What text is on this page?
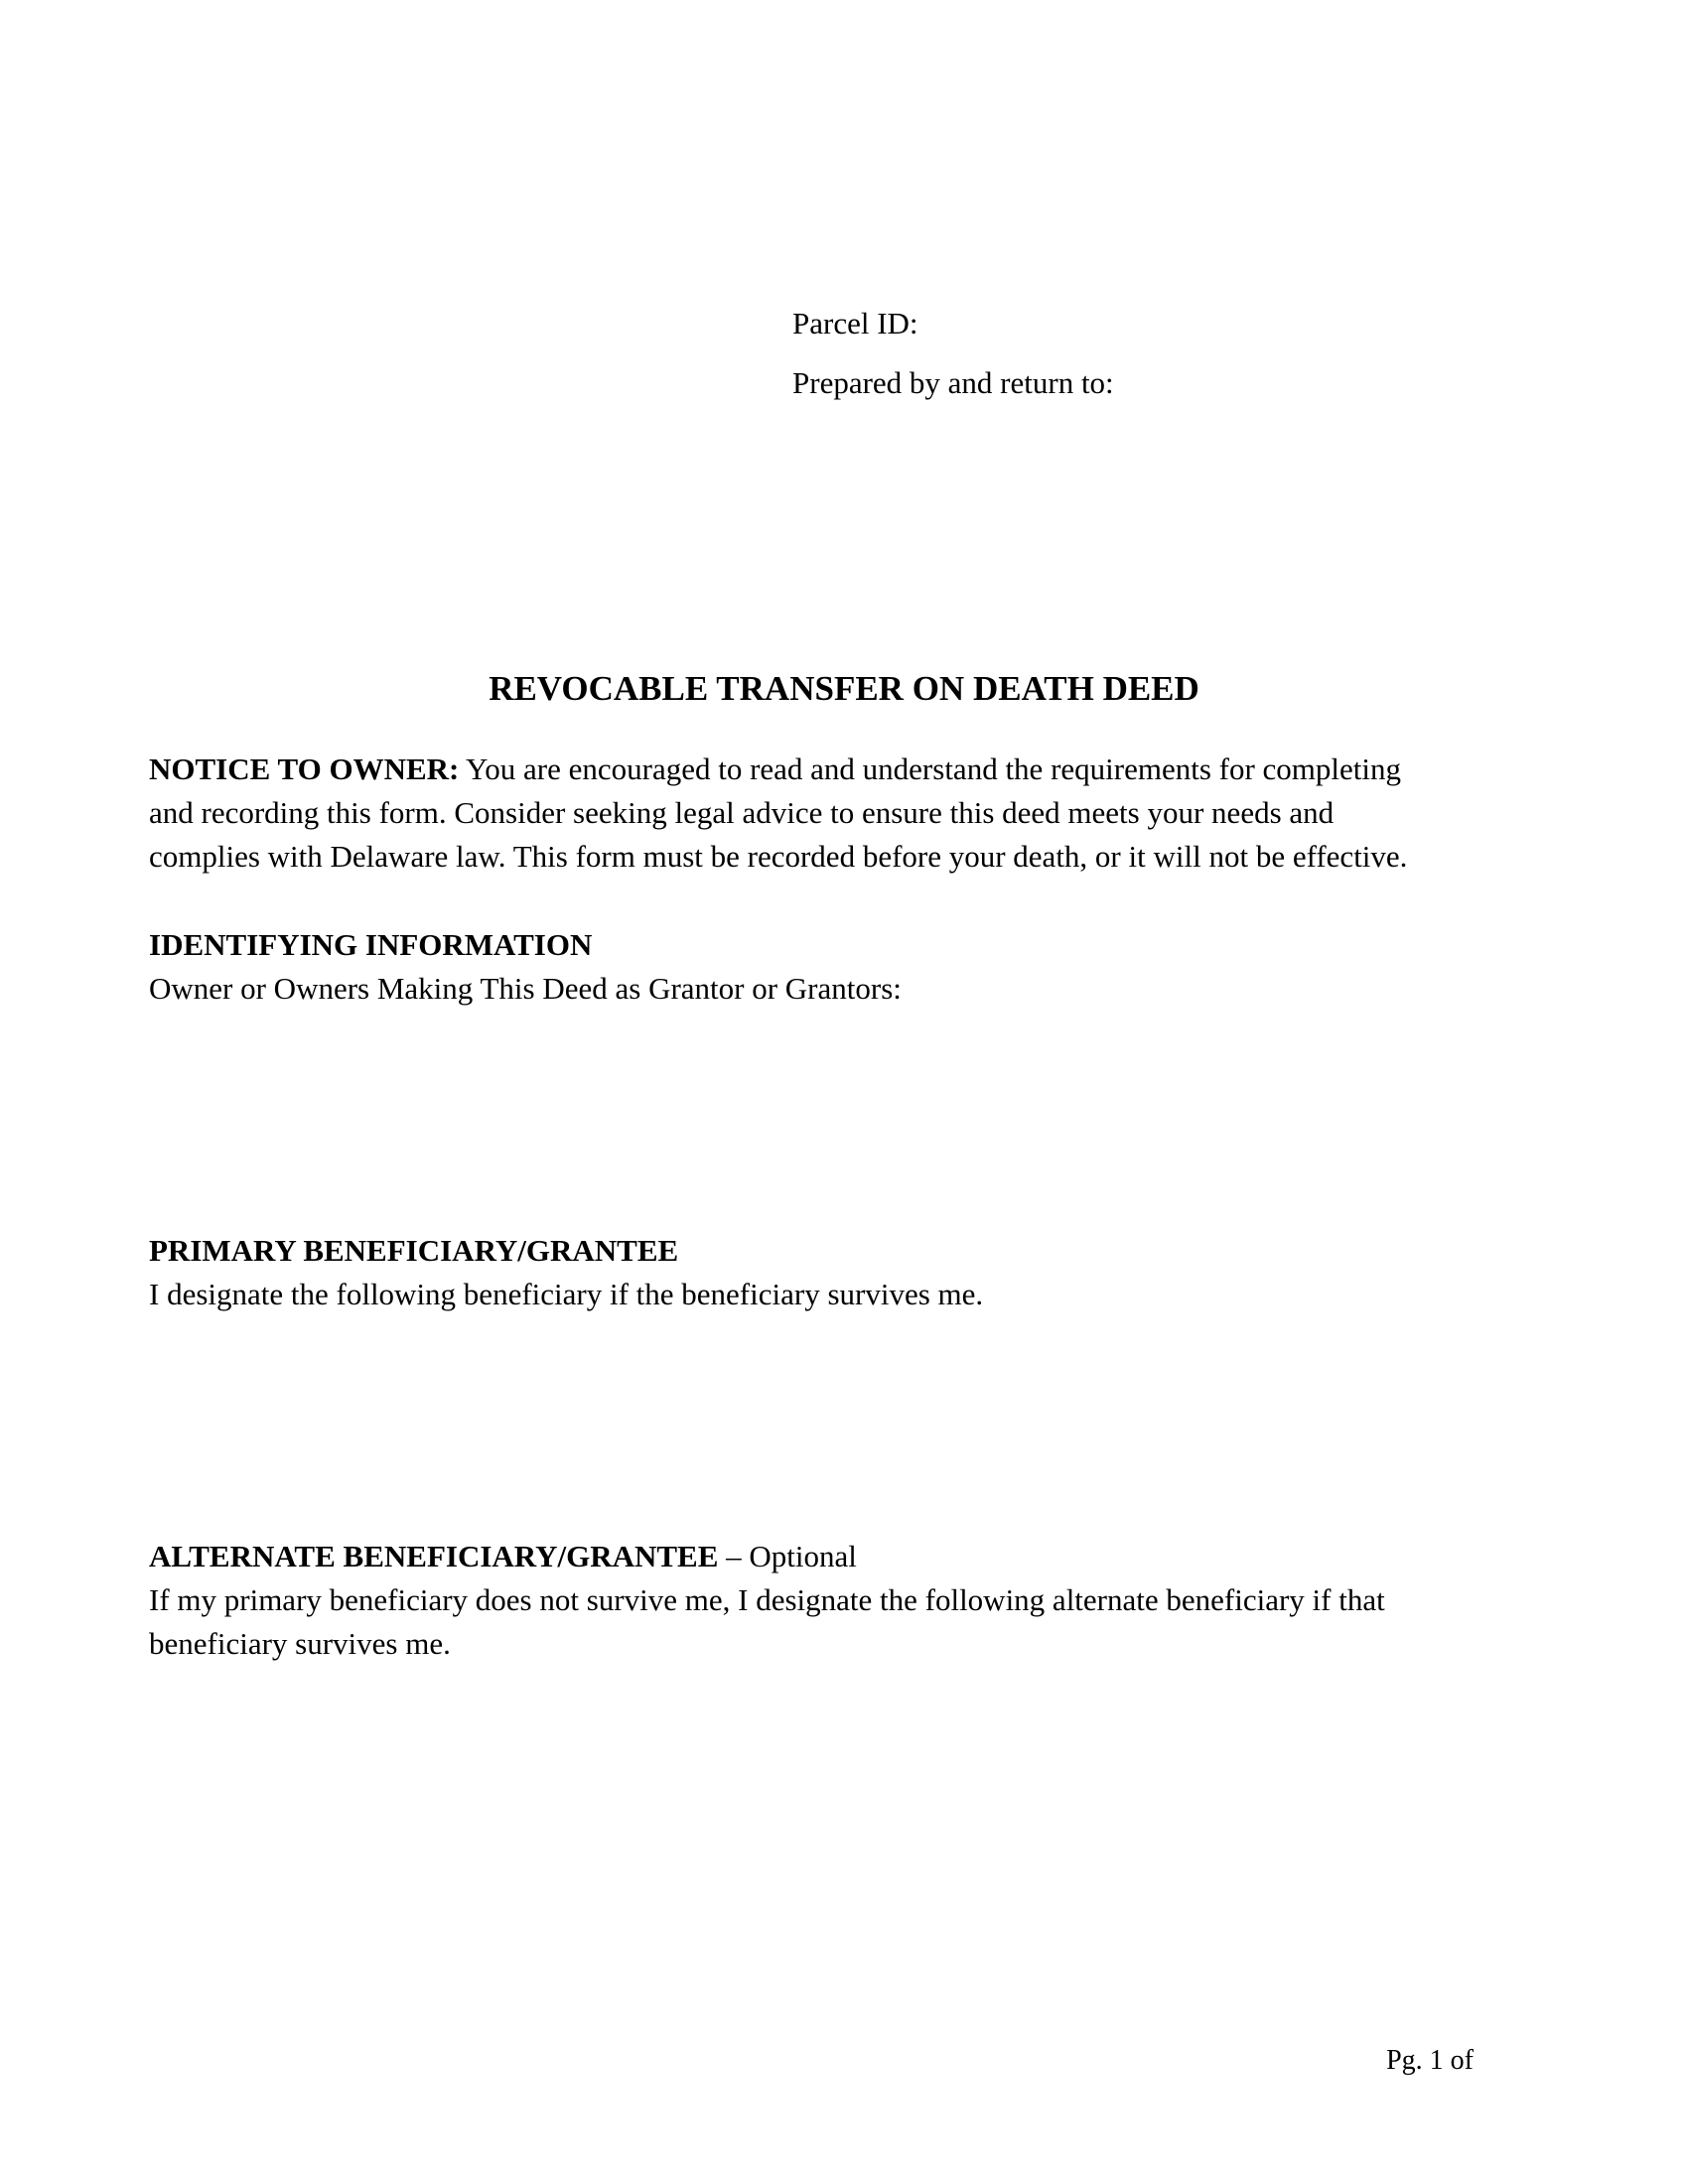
Parcel ID:
Prepared by and return to:
REVOCABLE TRANSFER ON DEATH DEED
NOTICE TO OWNER: You are encouraged to read and understand the requirements for completing
and recording this form. Consider seeking legal advice to ensure this deed meets your needs and
complies with Delaware law. This form must be recorded before your death, or it will not be effective.
IDENTIFYING INFORMATION
Owner or Owners Making This Deed as Grantor or Grantors:
PRIMARY BENEFICIARY/GRANTEE
I designate the following beneficiary if the beneficiary survives me.
ALTERNATE BENEFICIARY/GRANTEE – Optional
If my primary beneficiary does not survive me, I designate the following alternate beneficiary if that
beneficiary survives me.
Pg. 1 of
